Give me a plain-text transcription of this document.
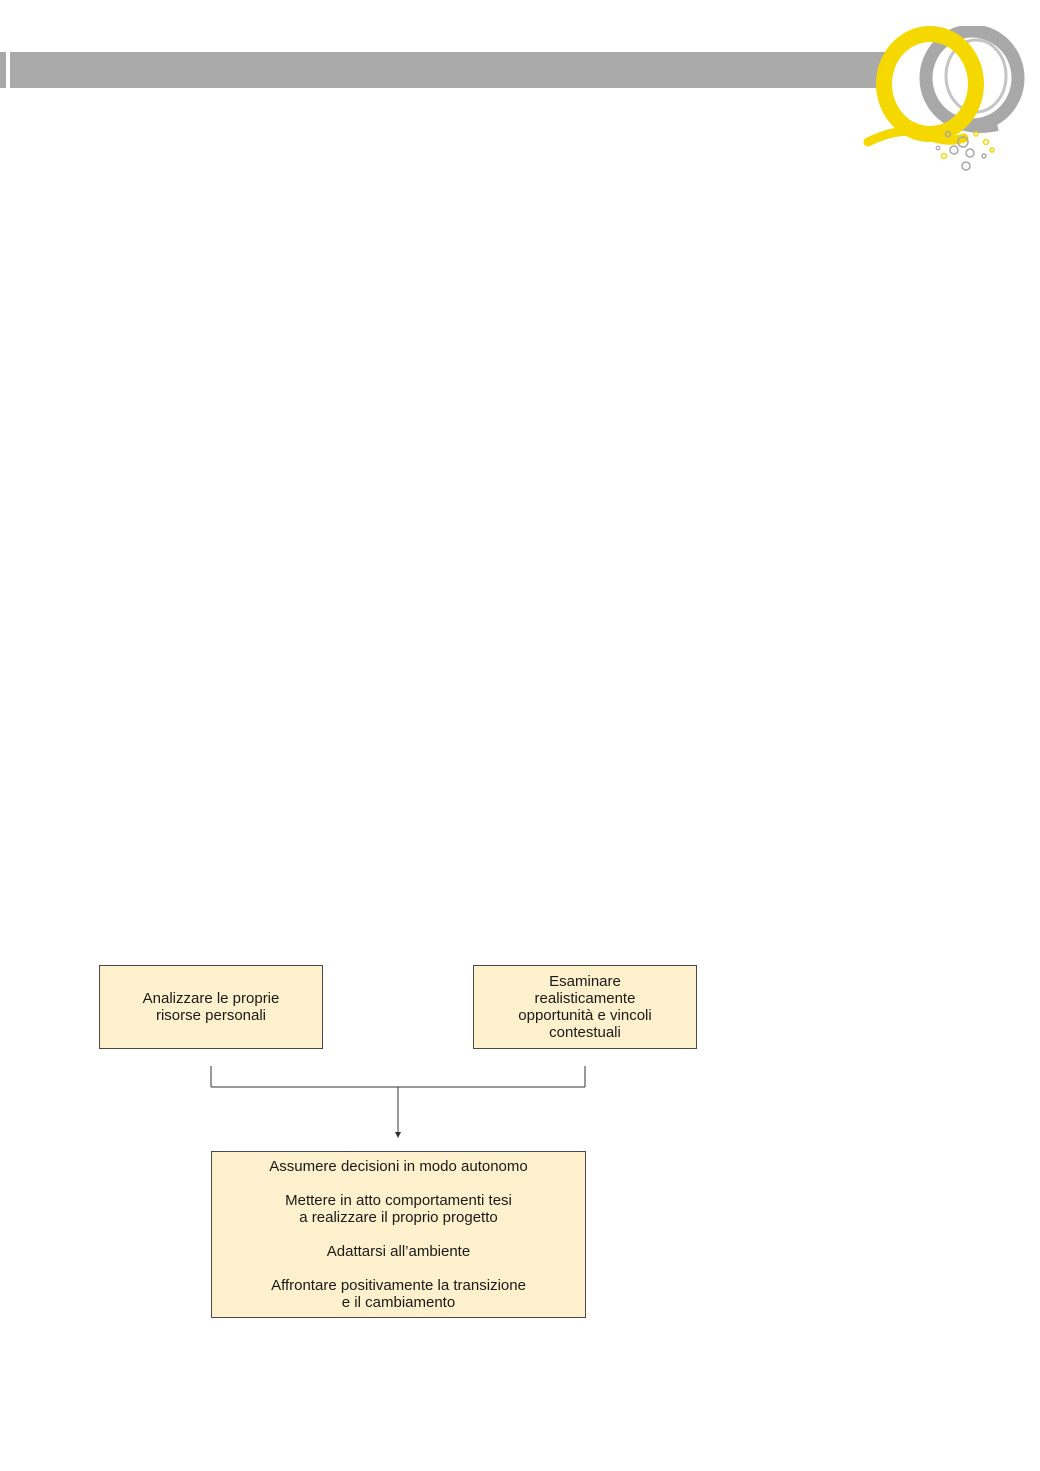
Analizzare le proprie
risorse personali
Esaminare
realisticamente
opportunità e vincoli
contestuali
Assumere decisioni in modo autonomo
Mettere in atto comportamenti tesi
a realizzare il proprio progetto
Adattarsi all’ambiente
Affrontare positivamente la transizione
e il cambiamento
